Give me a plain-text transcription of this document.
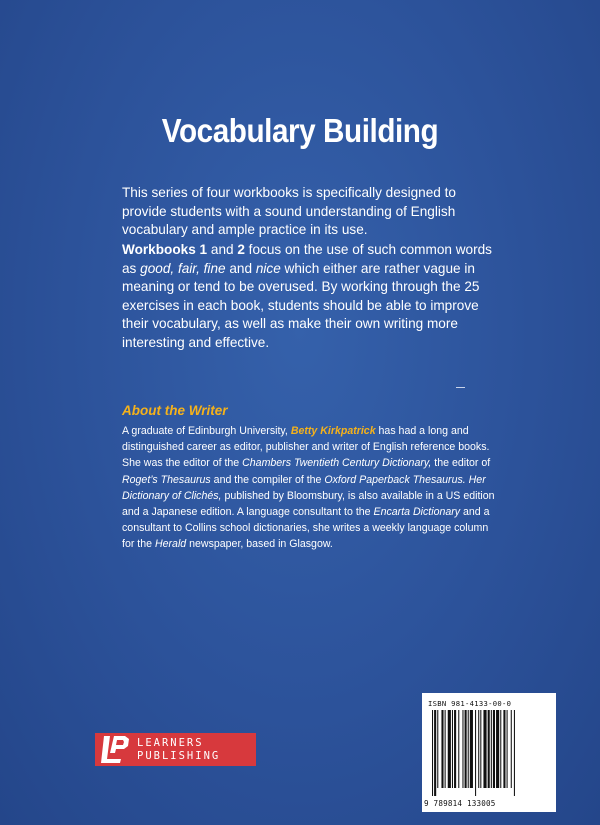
Vocabulary Building

This series of four workbooks is specifically designed to provide students with a sound understanding of English vocabulary and ample practice in its use.

Workbooks 1 and 2 focus on the use of such common words as good, fair, fine and nice which either are rather vague in meaning or tend to be overused. By working through the 25 exercises in each book, students should be able to improve their vocabulary, as well as make their own writing more interesting and effective.

About the Writer

A graduate of Edinburgh University, Betty Kirkpatrick has had a long and distinguished career as editor, publisher and writer of English reference books. She was the editor of the Chambers Twentieth Century Dictionary, the editor of Roget’s Thesaurus and the compiler of the Oxford Paperback Thesaurus. Her Dictionary of Clichés, published by Bloomsbury, is also available in a US edition and a Japanese edition. A language consultant to the Encarta Dictionary and a consultant to Collins school dictionaries, she writes a weekly language column for the Herald newspaper, based in Glasgow.

LEARNERS
PUBLISHING
ISBN 981-4133-00-0
9 789814 133005
